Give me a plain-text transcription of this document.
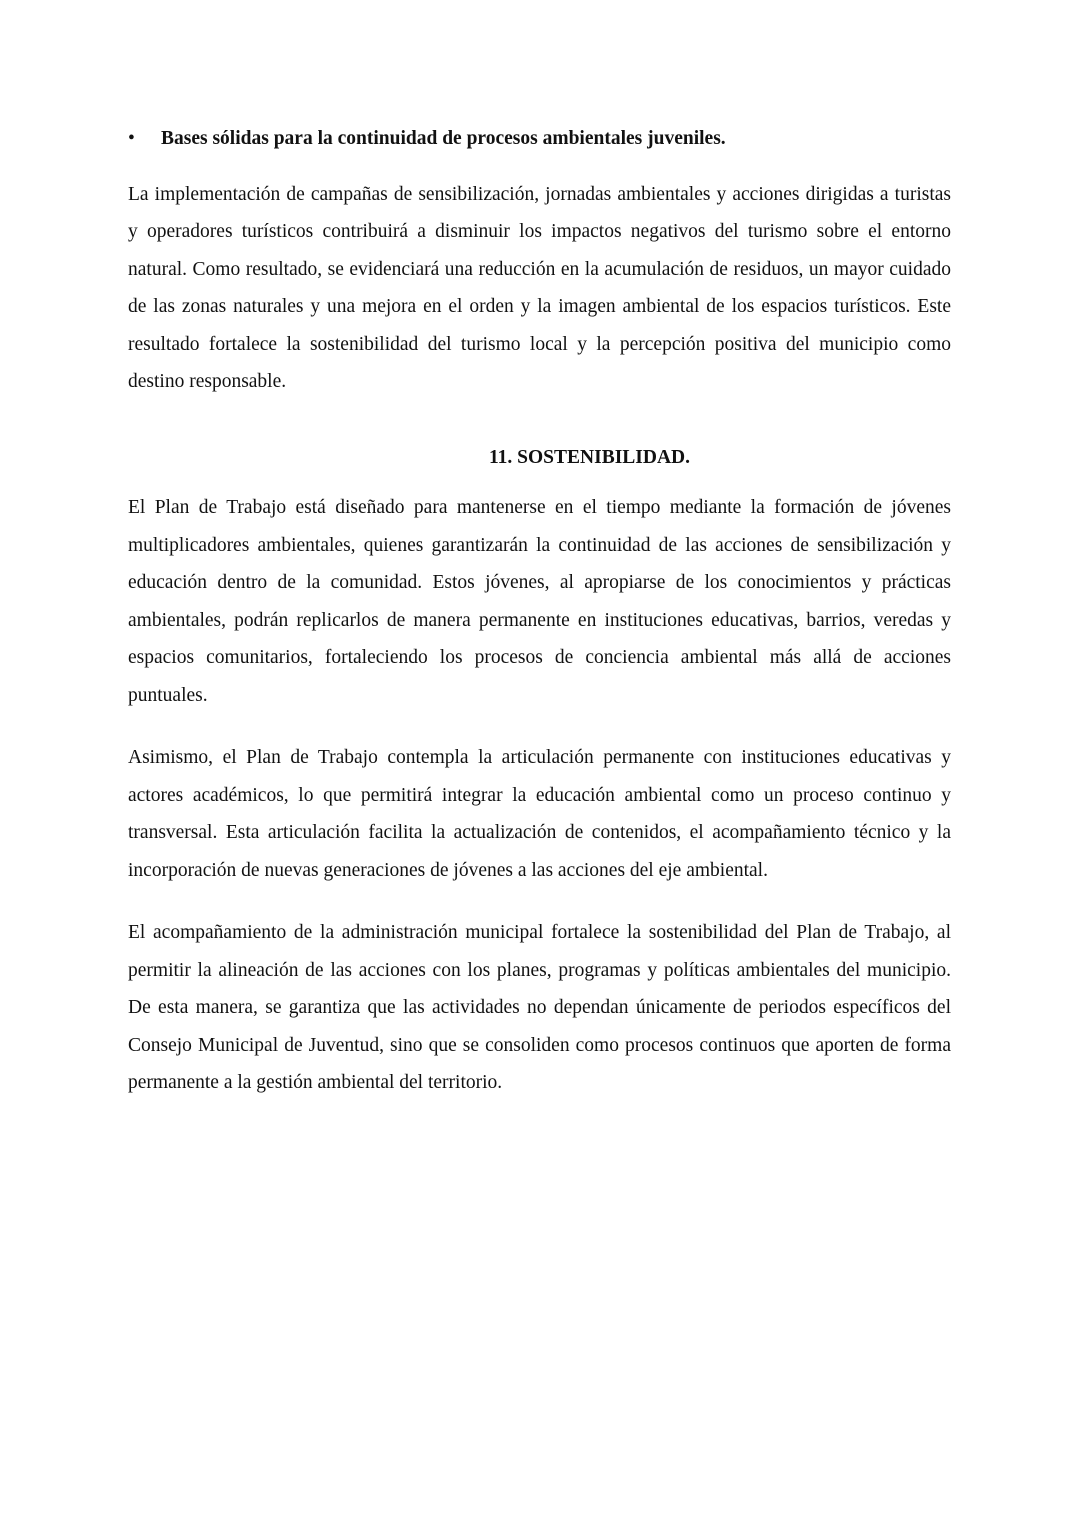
•	Bases sólidas para la continuidad de procesos ambientales juveniles.

La implementación de campañas de sensibilización, jornadas ambientales y acciones dirigidas a turistas y operadores turísticos contribuirá a disminuir los impactos negativos del turismo sobre el entorno natural. Como resultado, se evidenciará una reducción en la acumulación de residuos, un mayor cuidado de las zonas naturales y una mejora en el orden y la imagen ambiental de los espacios turísticos. Este resultado fortalece la sostenibilidad del turismo local y la percepción positiva del municipio como destino responsable.

11. SOSTENIBILIDAD.

El Plan de Trabajo está diseñado para mantenerse en el tiempo mediante la formación de jóvenes multiplicadores ambientales, quienes garantizarán la continuidad de las acciones de sensibilización y educación dentro de la comunidad. Estos jóvenes, al apropiarse de los conocimientos y prácticas ambientales, podrán replicarlos de manera permanente en instituciones educativas, barrios, veredas y espacios comunitarios, fortaleciendo los procesos de conciencia ambiental más allá de acciones puntuales.

Asimismo, el Plan de Trabajo contempla la articulación permanente con instituciones educativas y actores académicos, lo que permitirá integrar la educación ambiental como un proceso continuo y transversal. Esta articulación facilita la actualización de contenidos, el acompañamiento técnico y la incorporación de nuevas generaciones de jóvenes a las acciones del eje ambiental.

El acompañamiento de la administración municipal fortalece la sostenibilidad del Plan de Trabajo, al permitir la alineación de las acciones con los planes, programas y políticas ambientales del municipio. De esta manera, se garantiza que las actividades no dependan únicamente de periodos específicos del Consejo Municipal de Juventud, sino que se consoliden como procesos continuos que aporten de forma permanente a la gestión ambiental del territorio.
